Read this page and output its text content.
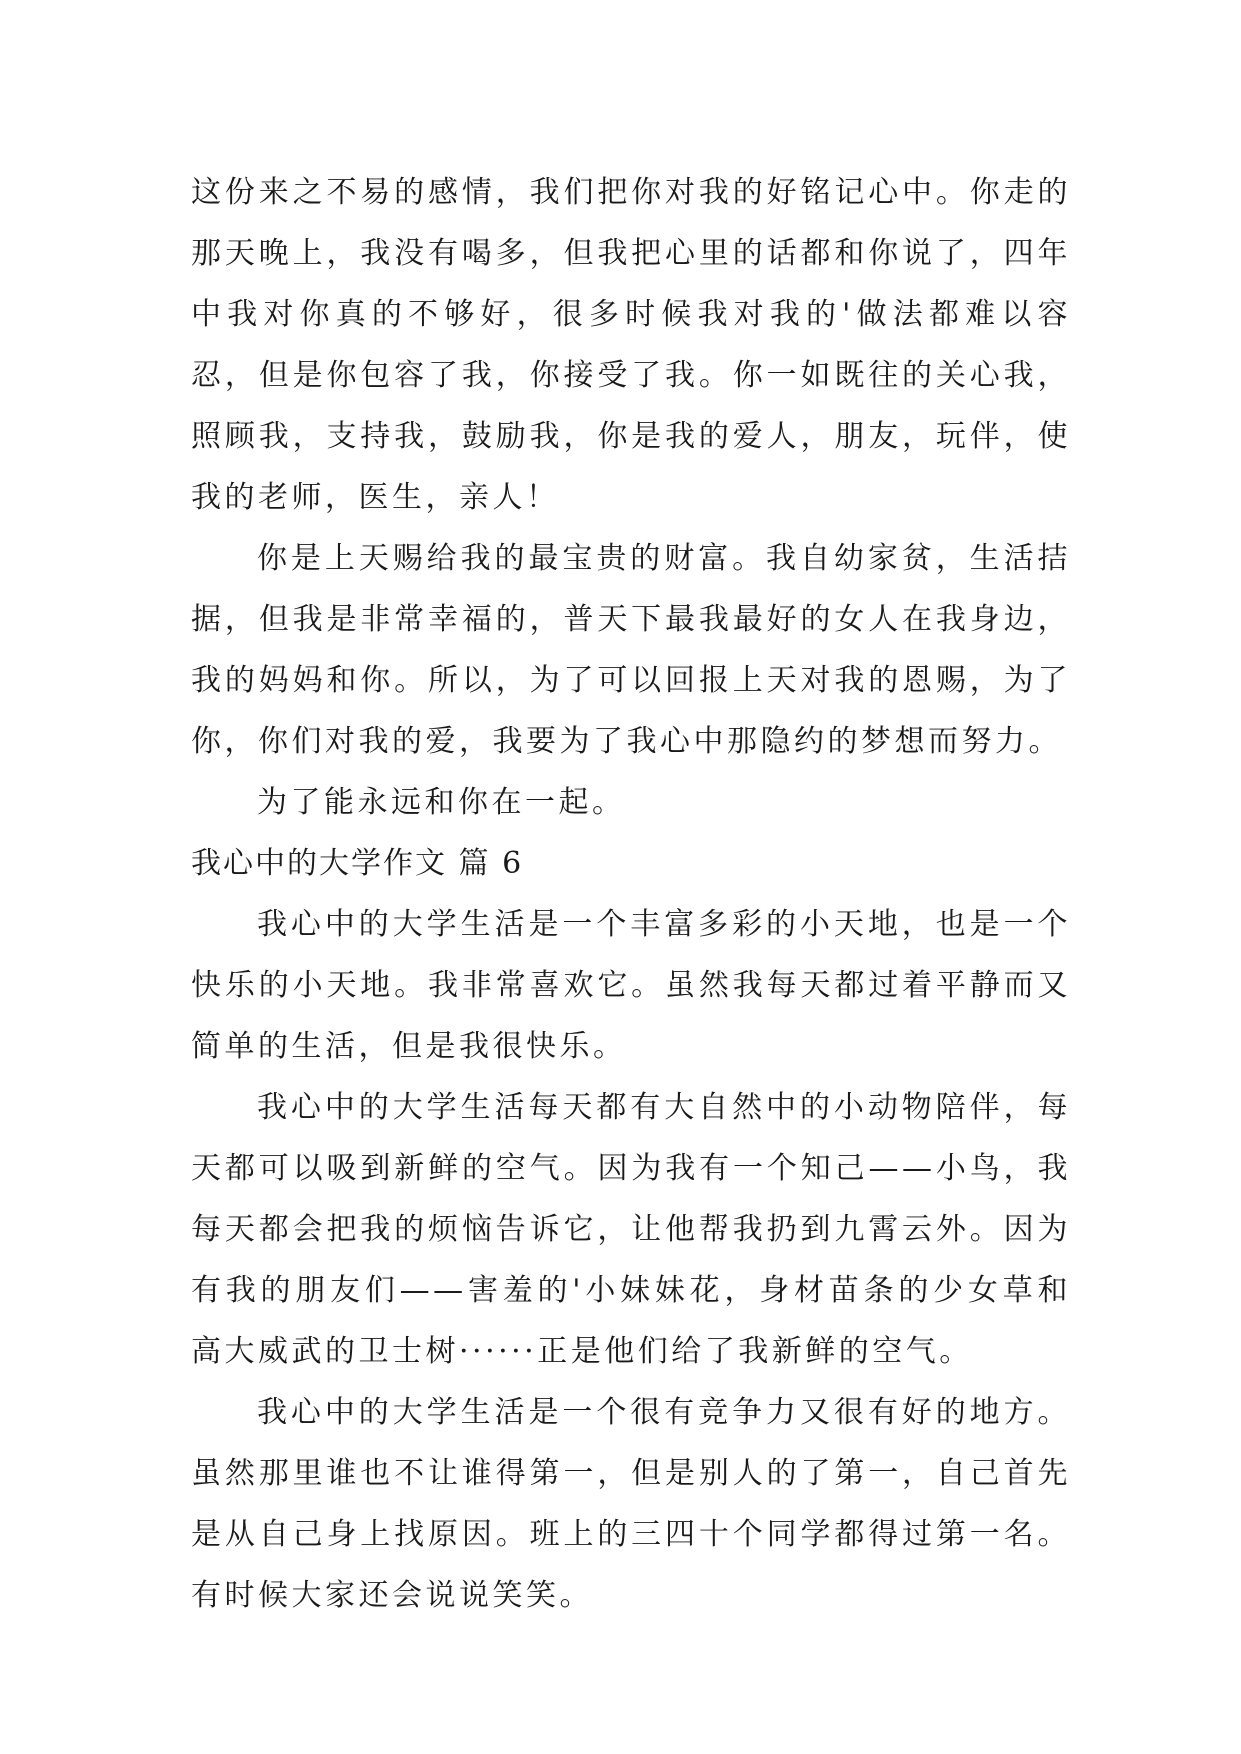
这份来之不易的感情，我们把你对我的好铭记心中。你走的那天晚上，我没有喝多，但我把心里的话都和你说了，四年中我对你真的不够好，很多时候我对我的'做法都难以容忍，但是你包容了我，你接受了我。你一如既往的关心我，照顾我，支持我，鼓励我，你是我的爱人，朋友，玩伴，使我的老师，医生，亲人！

你是上天赐给我的最宝贵的财富。我自幼家贫，生活拮据，但我是非常幸福的，普天下最我最好的女人在我身边，我的妈妈和你。所以，为了可以回报上天对我的恩赐，为了你，你们对我的爱，我要为了我心中那隐约的梦想而努力。

为了能永远和你在一起。

我心中的大学作文 篇 6

我心中的大学生活是一个丰富多彩的小天地，也是一个快乐的小天地。我非常喜欢它。虽然我每天都过着平静而又简单的生活，但是我很快乐。

我心中的大学生活每天都有大自然中的小动物陪伴，每天都可以吸到新鲜的空气。因为我有一个知己——小鸟，我每天都会把我的烦恼告诉它，让他帮我扔到九霄云外。因为有我的朋友们——害羞的'小妹妹花，身材苗条的少女草和高大威武的卫士树······正是他们给了我新鲜的空气。

我心中的大学生活是一个很有竞争力又很有好的地方。虽然那里谁也不让谁得第一，但是别人的了第一，自己首先是从自己身上找原因。班上的三四十个同学都得过第一名。有时候大家还会说说笑笑。
